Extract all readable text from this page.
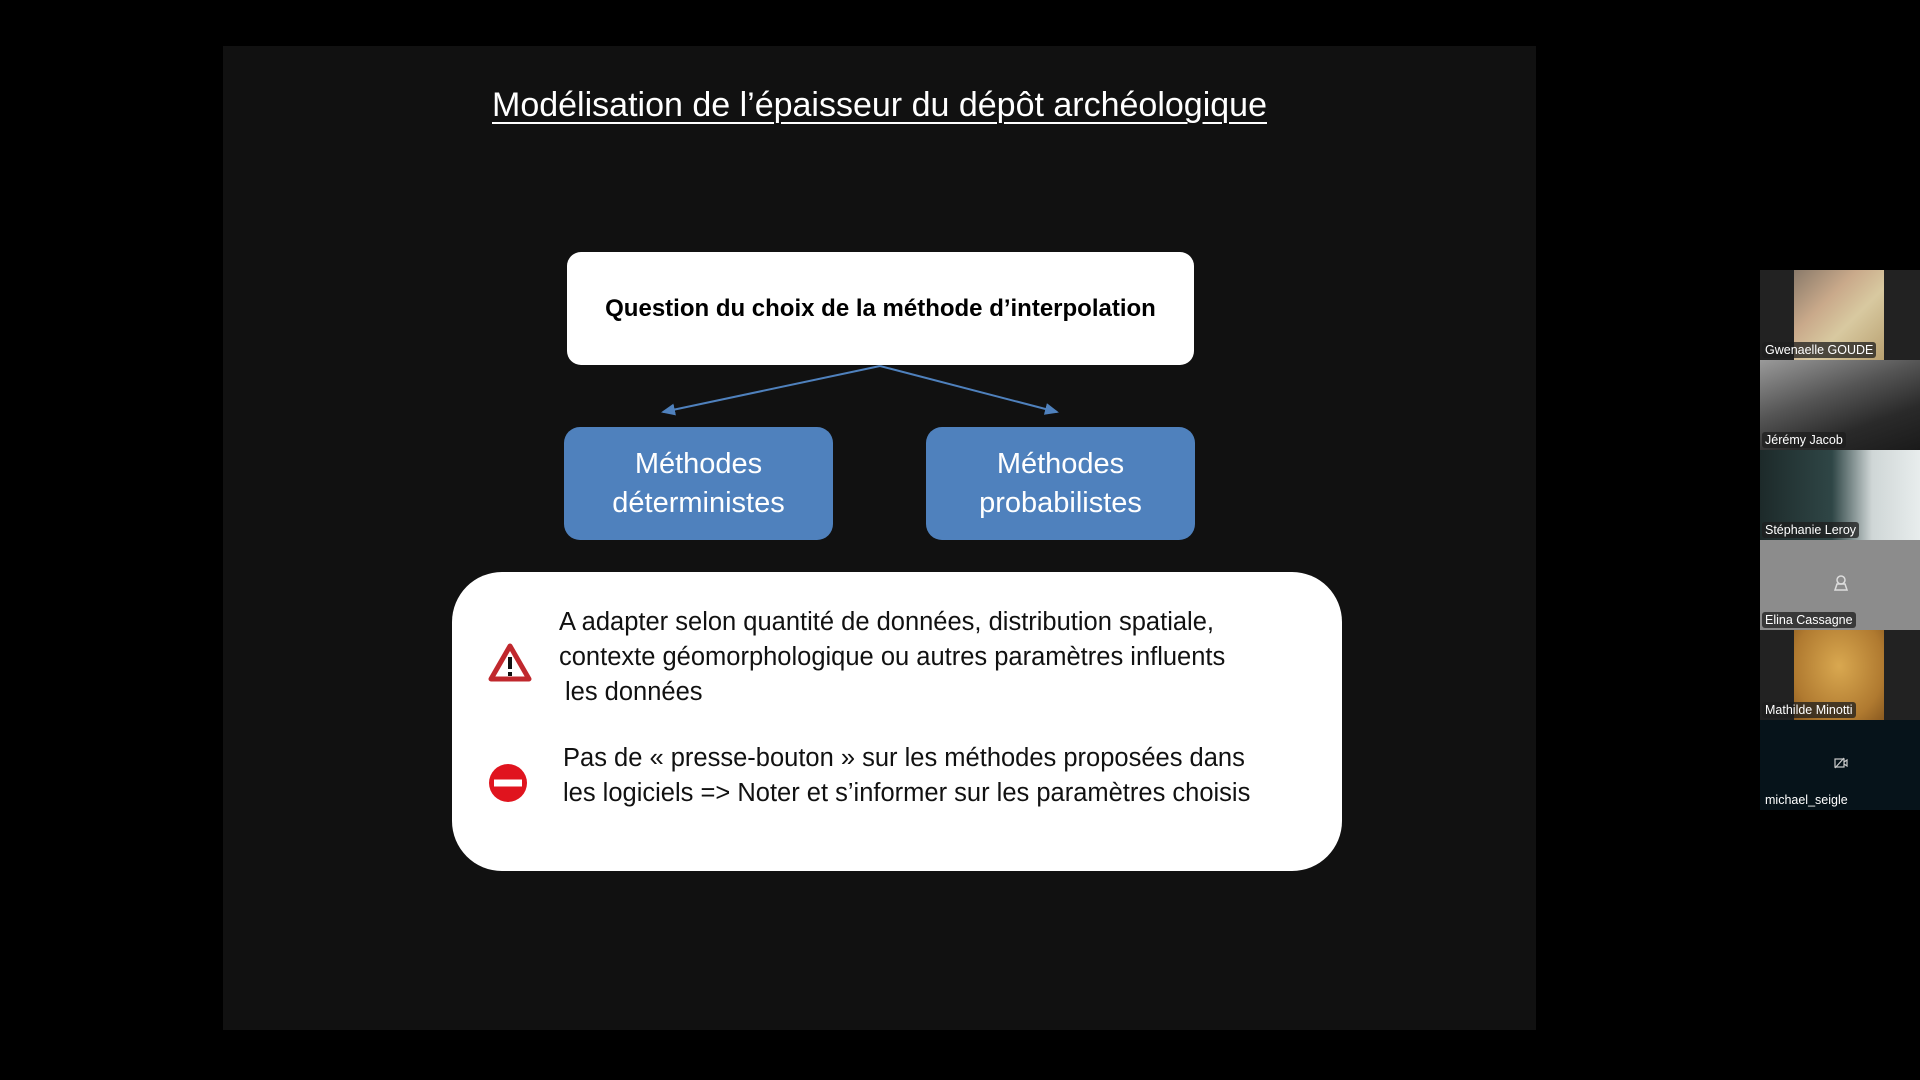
Modélisation de l’épaisseur du dépôt archéologique
Question du choix de la méthode d’interpolation
Méthodes
déterministes
Méthodes
probabilistes
A adapter selon quantité de données, distribution spatiale,
contexte géomorphologique ou autres paramètres influents
les données
Pas de « presse-bouton » sur les méthodes proposées dans
les logiciels => Noter et s’informer sur les paramètres choisis
Gwenaelle GOUDE
Jérémy Jacob
Stéphanie Leroy
Elina Cassagne
Mathilde Minotti
michael_seigle
